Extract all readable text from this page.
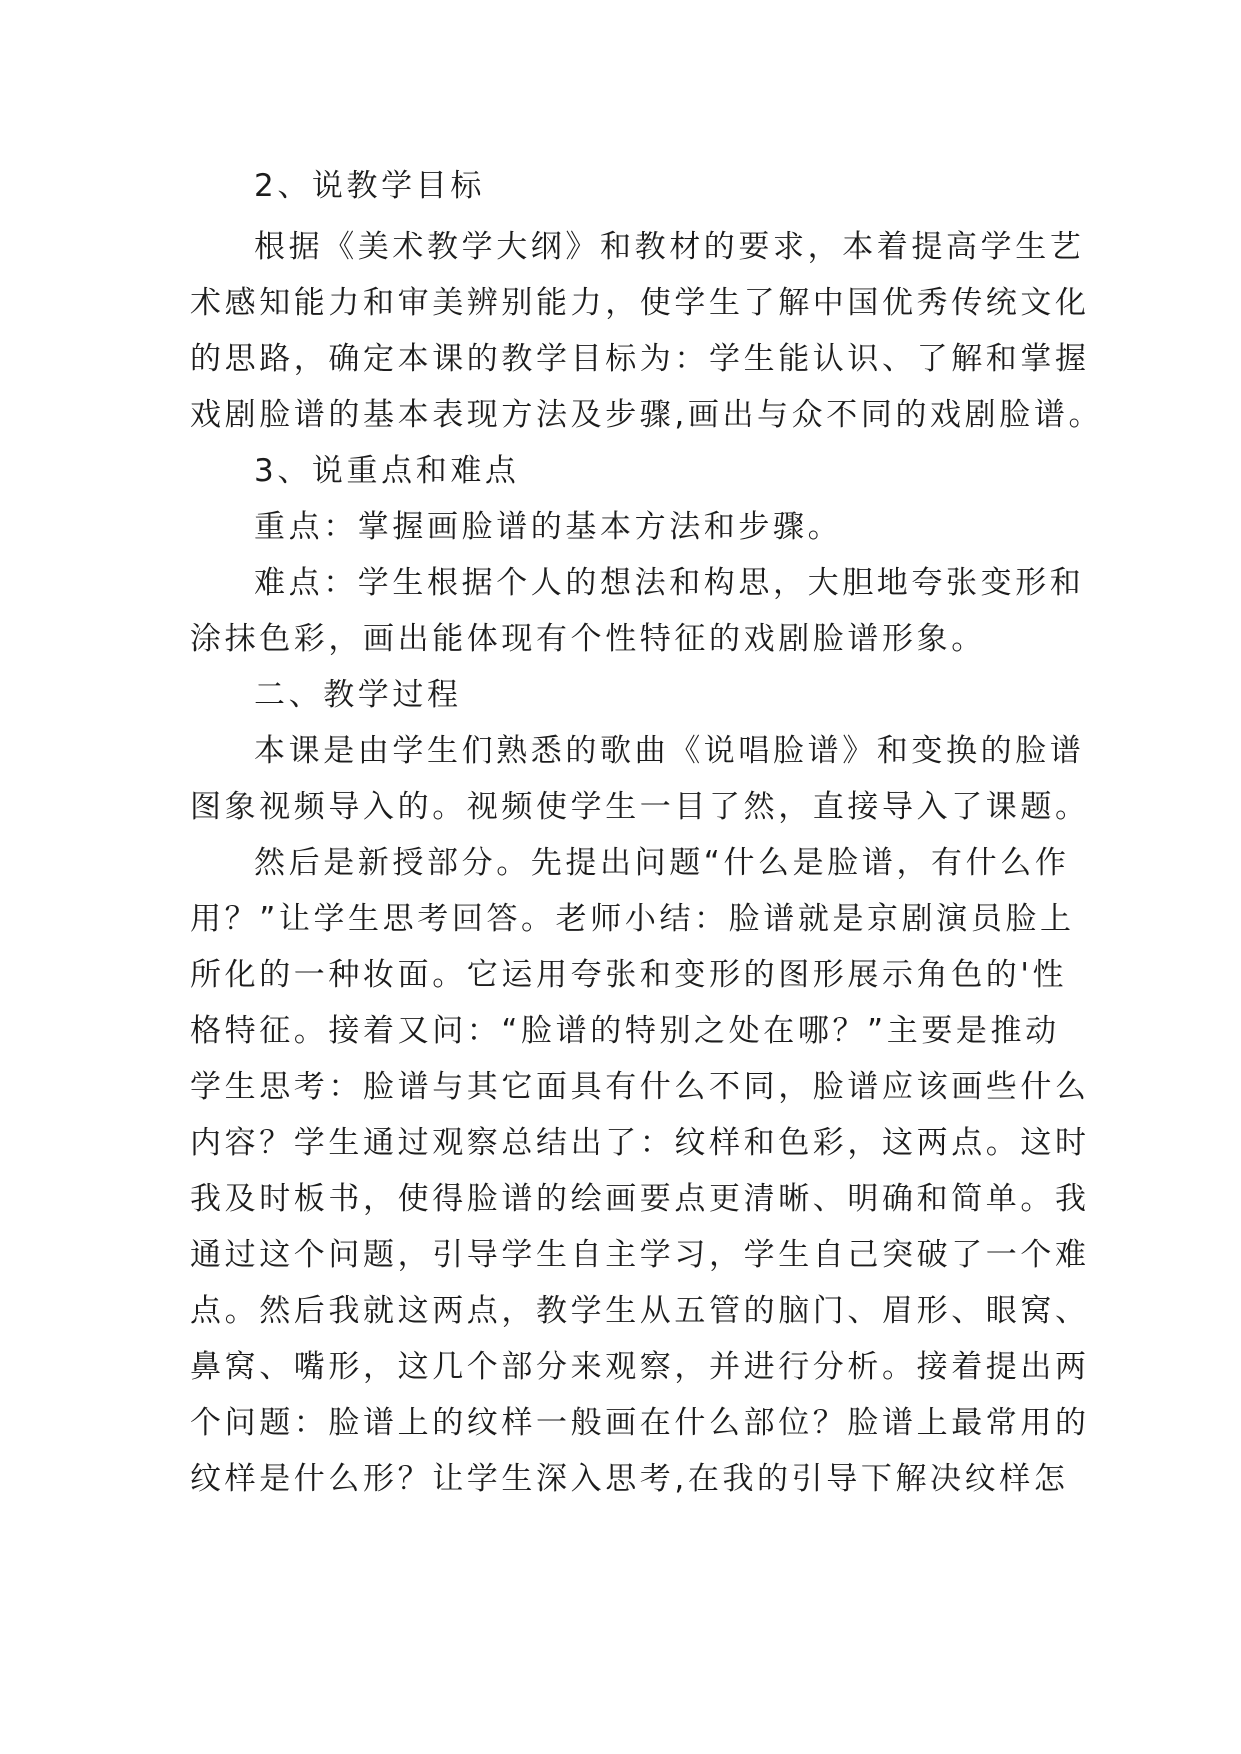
2、说教学目标
根据《美术教学大纲》和教材的要求，本着提高学生艺
术感知能力和审美辨别能力，使学生了解中国优秀传统文化
的思路，确定本课的教学目标为：学生能认识、了解和掌握
戏剧脸谱的基本表现方法及步骤,画出与众不同的戏剧脸谱。
3、说重点和难点
重点：掌握画脸谱的基本方法和步骤。
难点：学生根据个人的想法和构思，大胆地夸张变形和
涂抹色彩，画出能体现有个性特征的戏剧脸谱形象。
二、教学过程
本课是由学生们熟悉的歌曲《说唱脸谱》和变换的脸谱
图象视频导入的。视频使学生一目了然，直接导入了课题。
然后是新授部分。先提出问题“什么是脸谱，有什么作
用？”让学生思考回答。老师小结：脸谱就是京剧演员脸上
所化的一种妆面。它运用夸张和变形的图形展示角色的'性
格特征。接着又问：“脸谱的特别之处在哪？”主要是推动
学生思考：脸谱与其它面具有什么不同，脸谱应该画些什么
内容？学生通过观察总结出了：纹样和色彩，这两点。这时
我及时板书，使得脸谱的绘画要点更清晰、明确和简单。我
通过这个问题，引导学生自主学习，学生自己突破了一个难
点。然后我就这两点，教学生从五管的脑门、眉形、眼窝、
鼻窝、嘴形，这几个部分来观察，并进行分析。接着提出两
个问题：脸谱上的纹样一般画在什么部位？脸谱上最常用的
纹样是什么形？让学生深入思考,在我的引导下解决纹样怎
